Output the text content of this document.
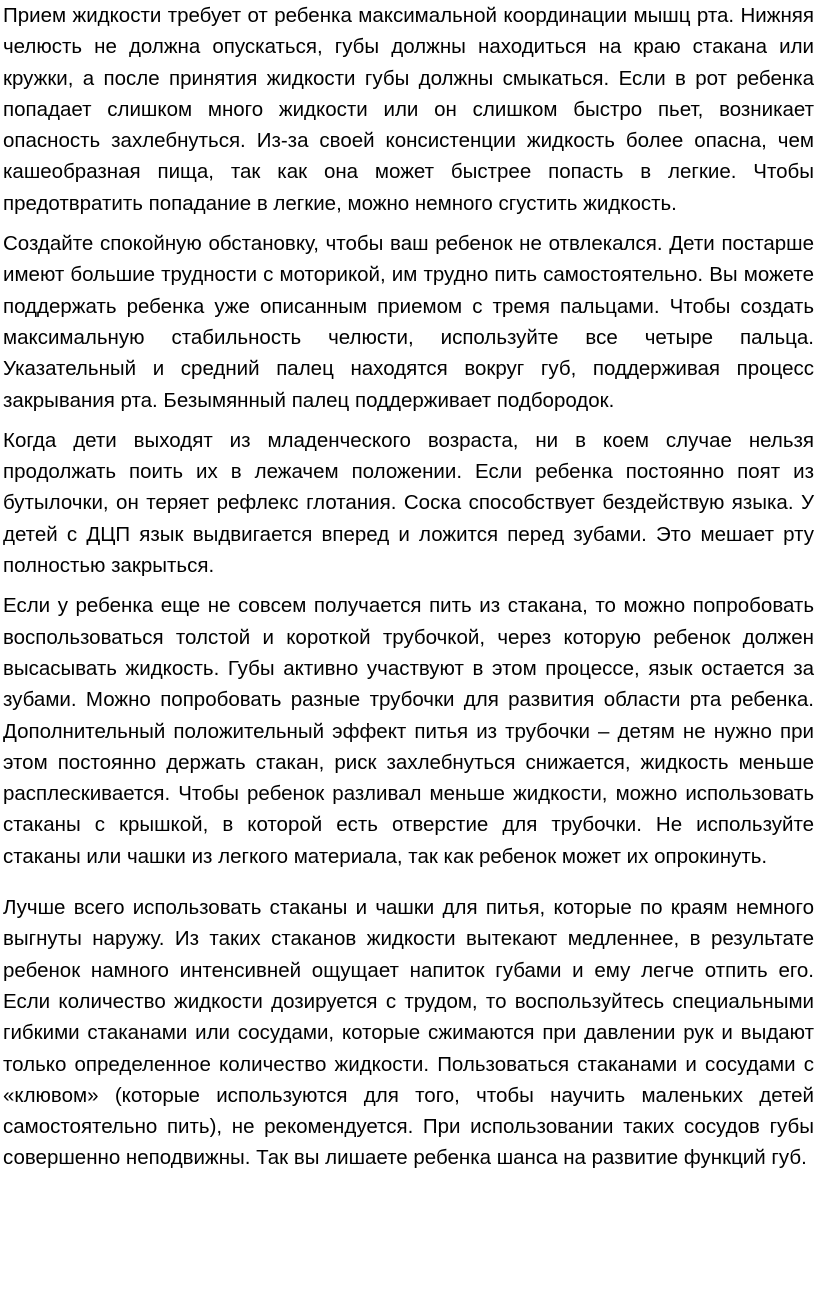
Прием жидкости требует от ребенка максимальной координации мышц рта. Нижняя челюсть не должна опускаться, губы должны находиться на краю стакана или кружки, а после принятия жидкости губы должны смыкаться. Если в рот ребенка попадает слишком много жидкости или он слишком быстро пьет, возникает опасность захлебнуться. Из-за своей консистенции жидкость более опасна, чем кашеобразная пища, так как она может быстрее попасть в легкие. Чтобы предотвратить попадание в легкие, можно немного сгустить жидкость.

Создайте спокойную обстановку, чтобы ваш ребенок не отвлекался. Дети постарше имеют большие трудности с моторикой, им трудно пить самостоятельно. Вы можете поддержать ребенка уже описанным приемом с тремя пальцами. Чтобы создать максимальную стабильность челюсти, используйте все четыре пальца. Указательный и средний палец находятся вокруг губ, поддерживая процесс закрывания рта. Безымянный палец поддерживает подбородок.

Когда дети выходят из младенческого возраста, ни в коем случае нельзя продолжать поить их в лежачем положении. Если ребенка постоянно поят из бутылочки, он теряет рефлекс глотания. Соска способствует бездействую языка. У детей с ДЦП язык выдвигается вперед и ложится перед зубами. Это мешает рту полностью закрыться.

Если у ребенка еще не совсем получается пить из стакана, то можно попробовать воспользоваться толстой и короткой трубочкой, через которую ребенок должен высасывать жидкость. Губы активно участвуют в этом процессе, язык остается за зубами. Можно попробовать разные трубочки для развития области рта ребенка. Дополнительный положительный эффект питья из трубочки – детям не нужно при этом постоянно держать стакан, риск захлебнуться снижается, жидкость меньше расплескивается. Чтобы ребенок разливал меньше жидкости, можно использовать стаканы с крышкой, в которой есть отверстие для трубочки. Не используйте стаканы или чашки из легкого материала, так как ребенок может их опрокинуть.

Лучше всего использовать стаканы и чашки для питья, которые по краям немного выгнуты наружу. Из таких стаканов жидкости вытекают медленнее, в результате ребенок намного интенсивней ощущает напиток губами и ему легче отпить его. Если количество жидкости дозируется с трудом, то воспользуйтесь специальными гибкими стаканами или сосудами, которые сжимаются при давлении рук и выдают только определенное количество жидкости. Пользоваться стаканами и сосудами с «клювом» (которые используются для того, чтобы научить маленьких детей самостоятельно пить), не рекомендуется. При использовании таких сосудов губы совершенно неподвижны. Так вы лишаете ребенка шанса на развитие функций губ.
